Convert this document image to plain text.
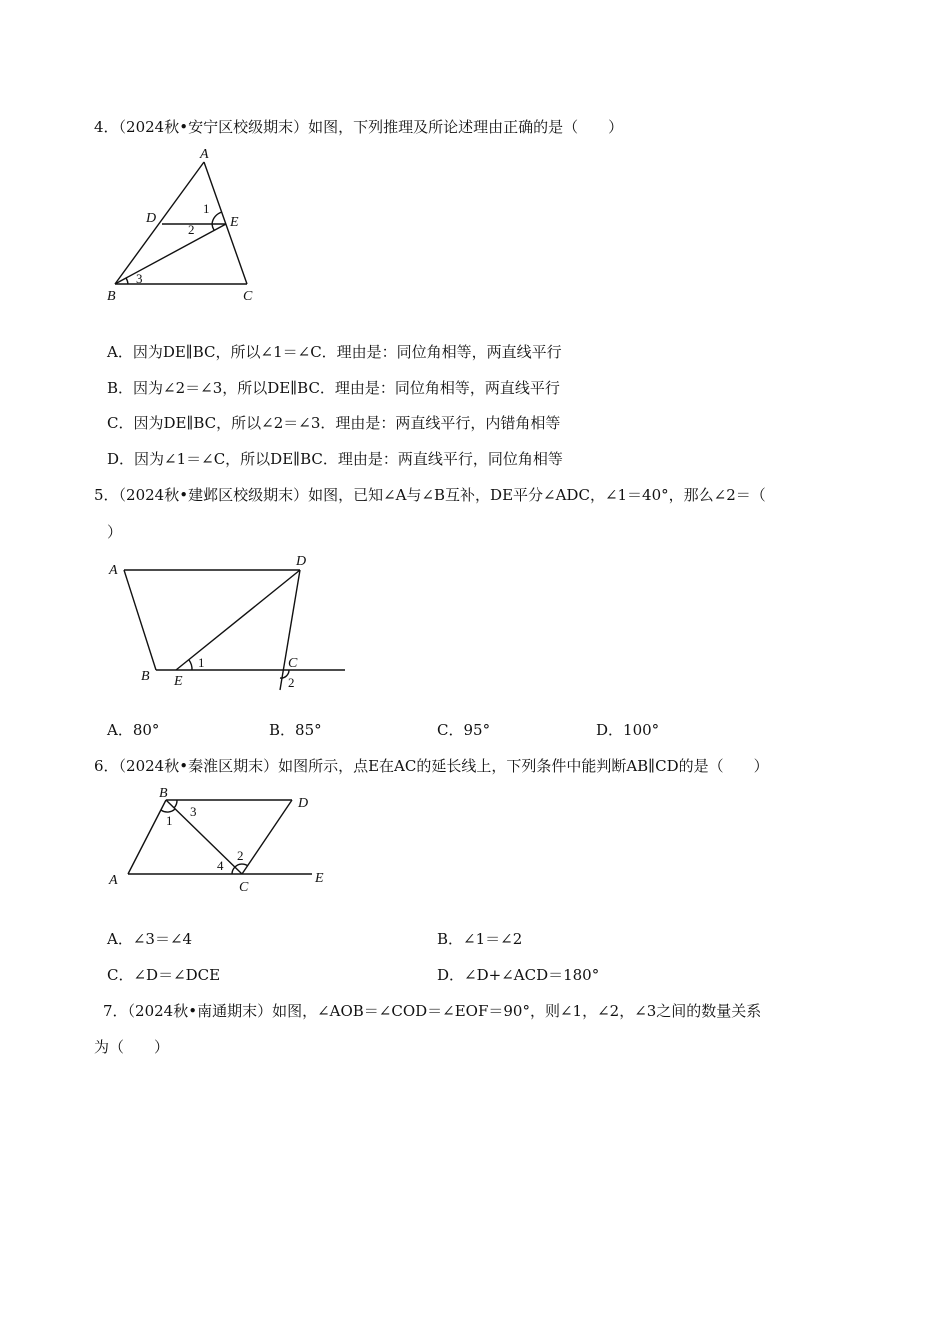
4．（2024秋•安宁区校级期末）如图，下列推理及所论述理由正确的是（　　）
A
D	E
B	C
1
2
3
A．因为DE∥BC，所以∠1＝∠C．理由是：同位角相等，两直线平行
B．因为∠2＝∠3，所以DE∥BC．理由是：同位角相等，两直线平行
C．因为DE∥BC，所以∠2＝∠3．理由是：两直线平行，内错角相等
D．因为∠1＝∠C，所以DE∥BC．理由是：两直线平行，同位角相等
5．（2024秋•建邺区校级期末）如图，已知∠A与∠B互补，DE平分∠ADC，∠1＝40°，那么∠2＝（
）
A
D
B E
C
1
2
A．80°	B．85°	C．95°	D．100°
6．（2024秋•秦淮区期末）如图所示，点E在AC的延长线上，下列条件中能判断AB∥CD的是（　　）
B
D
A	C
E
1
2
3
4
A．∠3＝∠4	B．∠1＝∠2
C．∠D＝∠DCE	D．∠D+∠ACD＝180°
7．（2024秋•南通期末）如图，∠AOB＝∠COD＝∠EOF＝90°，则∠1，∠2，∠3之间的数量关系
为（　　）
